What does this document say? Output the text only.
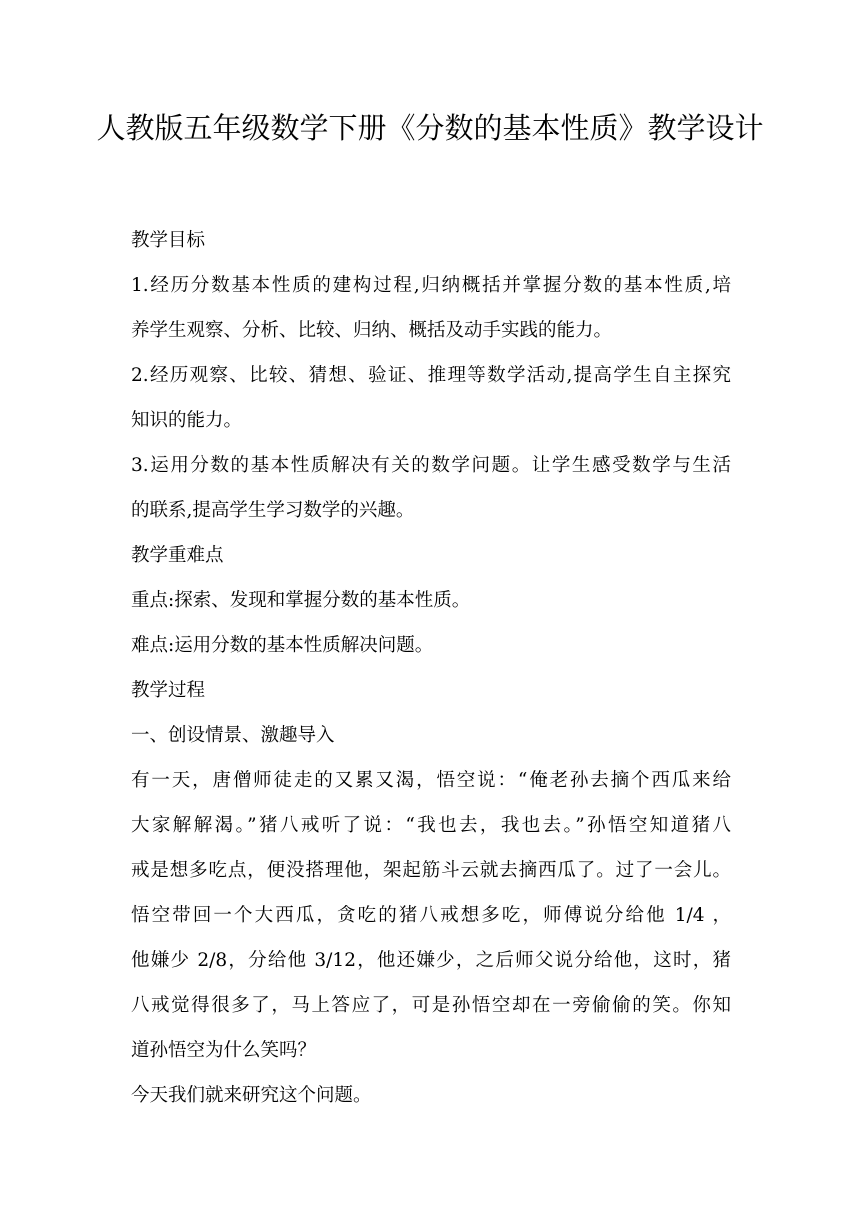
人教版五年级数学下册《分数的基本性质》教学设计
教学目标
1.经历分数基本性质的建构过程,归纳概括并掌握分数的基本性质,培
养学生观察、分析、比较、归纳、概括及动手实践的能力。
2.经历观察、比较、猜想、验证、推理等数学活动,提高学生自主探究
知识的能力。
3.运用分数的基本性质解决有关的数学问题。让学生感受数学与生活
的联系,提高学生学习数学的兴趣。
教学重难点
重点:探索、发现和掌握分数的基本性质。
难点:运用分数的基本性质解决问题。
教学过程
一、创设情景、激趣导入
有一天，唐僧师徒走的又累又渴，悟空说：“俺老孙去摘个西瓜来给
大家解解渴。”猪八戒听了说：“我也去，我也去。”孙悟空知道猪八
戒是想多吃点，便没搭理他，架起筋斗云就去摘西瓜了。过了一会儿。
悟空带回一个大西瓜，贪吃的猪八戒想多吃，师傅说分给他 1/4 ，
他嫌少 2/8，分给他 3/12，他还嫌少，之后师父说分给他，这时，猪
八戒觉得很多了，马上答应了，可是孙悟空却在一旁偷偷的笑。你知
道孙悟空为什么笑吗？
今天我们就来研究这个问题。
